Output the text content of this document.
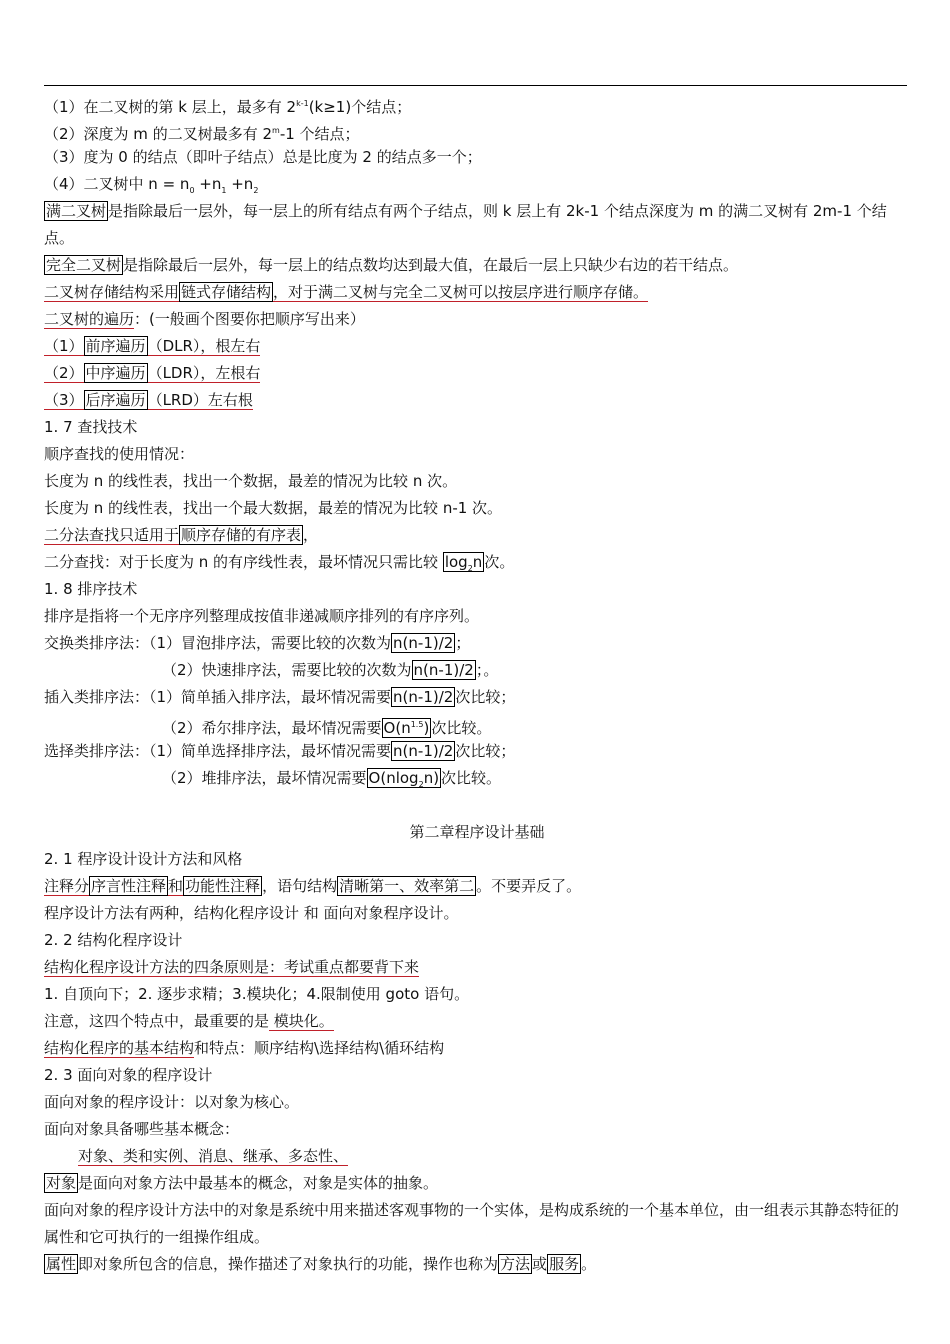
（1）在二叉树的第 k 层上，最多有 $2^{k-1}(k\ge 1)$个结点；
（2）深度为 m 的二叉树最多有 2$^m$-1 个结点；
（3）度为 0 的结点（即叶子结点）总是比度为 2 的结点多一个；
（4）二叉树中 $n = n_0 +n_1 +n_2$
满二叉树 是指除最后一层外，每一层上的所有结点有两个子结点，则 k 层上有 2k-1 个结点深度为 m 的满二叉树有 2m-1 个结点。
完全二叉树 是指除最后一层外，每一层上的结点数均达到最大值，在最后一层上只缺少右边的若干结点。
二叉树存储结构采用 链式存储结构 ，对于满二叉树与完全二叉树可以按层序进行顺序存储。
二叉树的遍历：(一般画个图要你把顺序写出来）
（1） 前序遍历 （DLR），根左右
（2） 中序遍历 （LDR），左根右
（3） 后序遍历 （LRD）左右根
1. 7 查找技术
顺序查找的使用情况：
长度为 n 的线性表，找出一个数据，最差的情况为比较 n 次。
长度为 n 的线性表，找出一个最大数据，最差的情况为比较 n-1 次。
二分法查找只适用于 顺序存储的有序表 ，
二分查找：对于长度为 n 的有序线性表，最坏情况只需比较 $\log_2n$ 次。
1. 8 排序技术
排序是指将一个无序序列整理成按值非递减顺序排列的有序序列。
交换类排序法：（1）冒泡排序法，需要比较的次数为 n(n-1)/2 ；
（2）快速排序法，需要比较的次数为 n(n-1)/2 ；。
插入类排序法：（1）简单插入排序法，最坏情况需要 n(n-1)/2 次比较；
（2）希尔排序法，最坏情况需要 $O(n^{1.5})$ 次比较。
选择类排序法：（1）简单选择排序法，最坏情况需要 n(n-1)/2 次比较；
（2）堆排序法，最坏情况需要 O(nlog$_2$n) 次比较。
第二章程序设计基础
2. 1 程序设计设计方法和风格
注释分 序言性注释 和 功能性注释 ，语句结构 清晰第一、效率第二 。不要弄反了。
程序设计方法有两种，结构化程序设计 和 面向对象程序设计。
2. 2 结构化程序设计
结构化程序设计方法的四条原则是：考试重点都要背下来
1. 自顶向下；2. 逐步求精；3.模块化；4.限制使用 goto 语句。
注意，这四个特点中，最重要的是 模块化。
结构化程序的基本结构和特点：顺序结构\选择结构\循环结构
2. 3 面向对象的程序设计
面向对象的程序设计：以对象为核心。
面向对象具备哪些基本概念：
对象、类和实例、消息、继承、多态性、
对象 是面向对象方法中最基本的概念，对象是实体的抽象。
面向对象的程序设计方法中的对象是系统中用来描述客观事物的一个实体，是构成系统的一个基本单位，由一组表示其静态特征的属性和它可执行的一组操作组成。
属性 即对象所包含的信息，操作描述了对象执行的功能，操作也称为 方法 或 服务 。
